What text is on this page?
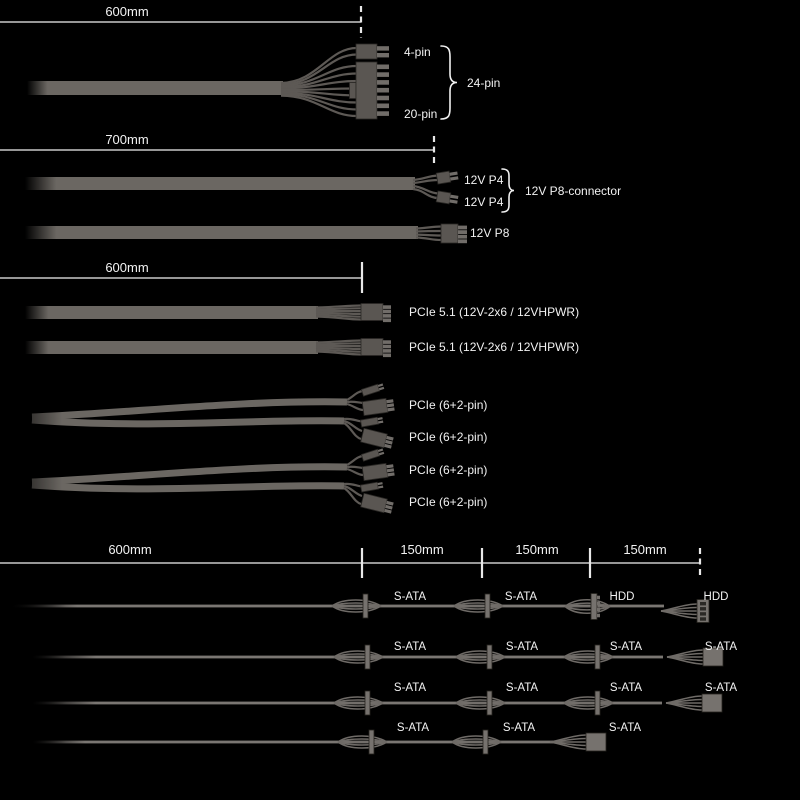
600mm
4-pin
20-pin
24-pin
700mm
12V P4
12V P4
12V P8-connector
12V P8
600mm
PCIe 5.1 (12V-2x6 / 12VHPWR)
PCIe 5.1 (12V-2x6 / 12VHPWR)
PCIe (6+2-pin)
PCIe (6+2-pin)
PCIe (6+2-pin)
PCIe (6+2-pin)
600mm	150mm	150mm	150mm
S-ATA	S-ATA	HDD	HDD
S-ATA	S-ATA	S-ATA	S-ATA
S-ATA	S-ATA	S-ATA	S-ATA
S-ATA	S-ATA	S-ATA
